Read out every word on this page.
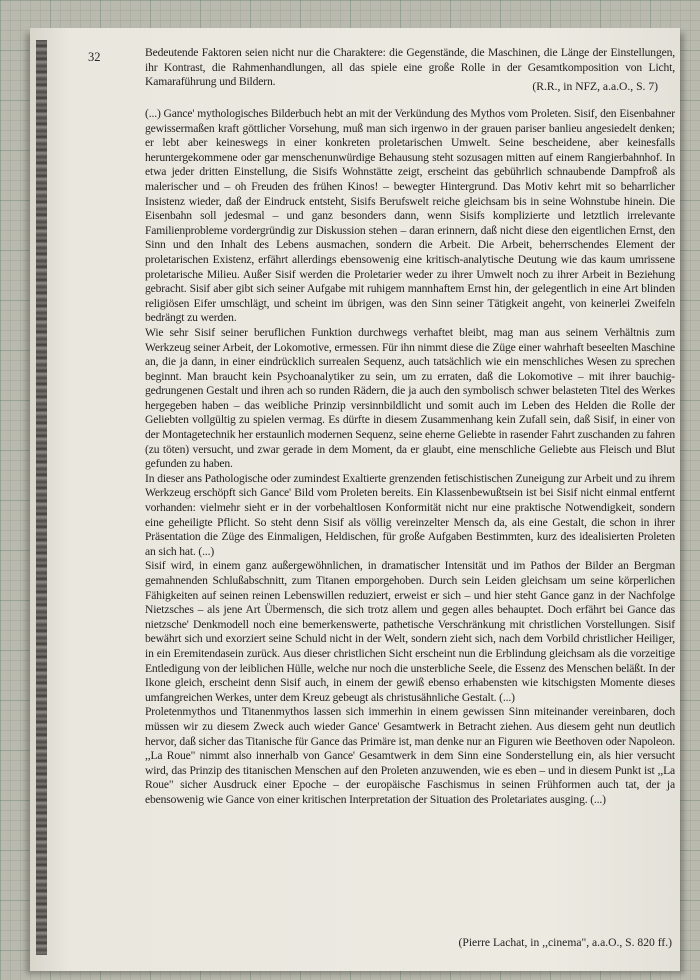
32	Bedeutende Faktoren seien nicht nur die Charaktere: die Gegenstände, die Maschinen, die Länge der Einstellungen, ihr Kontrast, die Rahmenhandlungen, all das spiele eine große Rolle in der Gesamtkomposition von Licht, Kamaraführung und Bildern.	(R.R., in NFZ, a.a.O., S. 7)

(...) Gance' mythologisches Bilderbuch hebt an mit der Verkündung des Mythos vom Proleten. Sisif, den Eisenbahner gewissermaßen kraft göttlicher Vorsehung, muß man sich irgenwo in der grauen pariser banlieu angesiedelt denken; er lebt aber keineswegs in einer konkreten proletarischen Umwelt. Seine bescheidene, aber keinesfalls heruntergekommene oder gar menschenunwürdige Behausung steht sozusagen mitten auf einem Rangierbahnhof. In etwa jeder dritten Einstellung, die Sisifs Wohnstätte zeigt, erscheint das gebührlich schnaubende Dampfroß als malerischer und – oh Freuden des frühen Kinos! – bewegter Hintergrund. Das Motiv kehrt mit so beharrlicher Insistenz wieder, daß der Eindruck entsteht, Sisifs Berufswelt reiche gleichsam bis in seine Wohnstube hinein. Die Eisenbahn soll jedesmal – und ganz besonders dann, wenn Sisifs komplizierte und letztlich irrelevante Familienprobleme vordergründig zur Diskussion stehen – daran erinnern, daß nicht diese den eigentlichen Ernst, den Sinn und den Inhalt des Lebens ausmachen, sondern die Arbeit. Die Arbeit, beherrschendes Element der proletarischen Existenz, erfährt allerdings ebensowenig eine kritisch-analytische Deutung wie das kaum umrissene proletarische Milieu. Außer Sisif werden die Proletarier weder zu ihrer Umwelt noch zu ihrer Arbeit in Beziehung gebracht. Sisif aber gibt sich seiner Aufgabe mit ruhigem mannhaftem Ernst hin, der gelegentlich in eine Art blinden religiösen Eifer umschlägt, und scheint im übrigen, was den Sinn seiner Tätigkeit angeht, von keinerlei Zweifeln bedrängt zu werden.

Wie sehr Sisif seiner beruflichen Funktion durchwegs verhaftet bleibt, mag man aus seinem Verhältnis zum Werkzeug seiner Arbeit, der Lokomotive, ermessen. Für ihn nimmt diese die Züge einer wahrhaft beseelten Maschine an, die ja dann, in einer eindrücklich surrealen Sequenz, auch tatsächlich wie ein menschliches Wesen zu sprechen beginnt. Man braucht kein Psychoanalytiker zu sein, um zu erraten, daß die Lokomotive – mit ihrer bauchig-gedrungenen Gestalt und ihren ach so runden Rädern, die ja auch den symbolisch schwer belasteten Titel des Werkes hergegeben haben – das weibliche Prinzip versinnbildlicht und somit auch im Leben des Helden die Rolle der Geliebten vollgültig zu spielen vermag. Es dürfte in diesem Zusammenhang kein Zufall sein, daß Sisif, in einer von der Montagetechnik her erstaunlich modernen Sequenz, seine eherne Geliebte in rasender Fahrt zuschanden zu fahren (zu töten) versucht, und zwar gerade in dem Moment, da er glaubt, eine menschliche Geliebte aus Fleisch und Blut gefunden zu haben.

In dieser ans Pathologische oder zumindest Exaltierte grenzenden fetischistischen Zuneigung zur Arbeit und zu ihrem Werkzeug erschöpft sich Gance' Bild vom Proleten bereits. Ein Klassenbewußtsein ist bei Sisif nicht einmal entfernt vorhanden: vielmehr sieht er in der vorbehaltlosen Konformität nicht nur eine praktische Notwendigkeit, sondern eine geheiligte Pflicht. So steht denn Sisif als völlig vereinzelter Mensch da, als eine Gestalt, die schon in ihrer Präsentation die Züge des Einmaligen, Heldischen, für große Aufgaben Bestimmten, kurz des idealisierten Proleten an sich hat. (...)

Sisif wird, in einem ganz außergewöhnlichen, in dramatischer Intensität und im Pathos der Bilder an Bergman gemahnenden Schlußabschnitt, zum Titanen emporgehoben. Durch sein Leiden gleichsam um seine körperlichen Fähigkeiten auf seinen reinen Lebenswillen reduziert, erweist er sich – und hier steht Gance ganz in der Nachfolge Nietzsches – als jene Art Übermensch, die sich trotz allem und gegen alles behauptet. Doch erfährt bei Gance das nietzsche' Denkmodell noch eine bemerkenswerte, pathetische Verschränkung mit christlichen Vorstellungen. Sisif bewährt sich und exorziert seine Schuld nicht in der Welt, sondern zieht sich, nach dem Vorbild christlicher Heiliger, in ein Eremitendasein zurück. Aus dieser christlichen Sicht erscheint nun die Erblindung gleichsam als die vorzeitige Entledigung von der leiblichen Hülle, welche nur noch die unsterbliche Seele, die Essenz des Menschen beläßt. In der Ikone gleich, erscheint denn Sisif auch, in einem der gewiß ebenso erhabensten wie kitschigsten Momente dieses umfangreichen Werkes, unter dem Kreuz gebeugt als christusähnliche Gestalt. (...)

Proletenmythos und Titanenmythos lassen sich immerhin in einem gewissen Sinn miteinander vereinbaren, doch müssen wir zu diesem Zweck auch wieder Gance' Gesamtwerk in Betracht ziehen. Aus diesem geht nun deutlich hervor, daß sicher das Titanische für Gance das Primäre ist, man denke nur an Figuren wie Beethoven oder Napoleon. ,,La Roue" nimmt also innerhalb von Gance' Gesamtwerk in dem Sinn eine Sonderstellung ein, als hier versucht wird, das Prinzip des titanischen Menschen auf den Proleten anzuwenden, wie es eben – und in diesem Punkt ist ,,La Roue" sicher Ausdruck einer Epoche – der europäische Faschismus in seinen Frühformen auch tat, der ja ebensowenig wie Gance von einer kritischen Interpretation der Situation des Proletariates ausging. (...)

(Pierre Lachat, in ,,cinema", a.a.O., S. 820 ff.)
